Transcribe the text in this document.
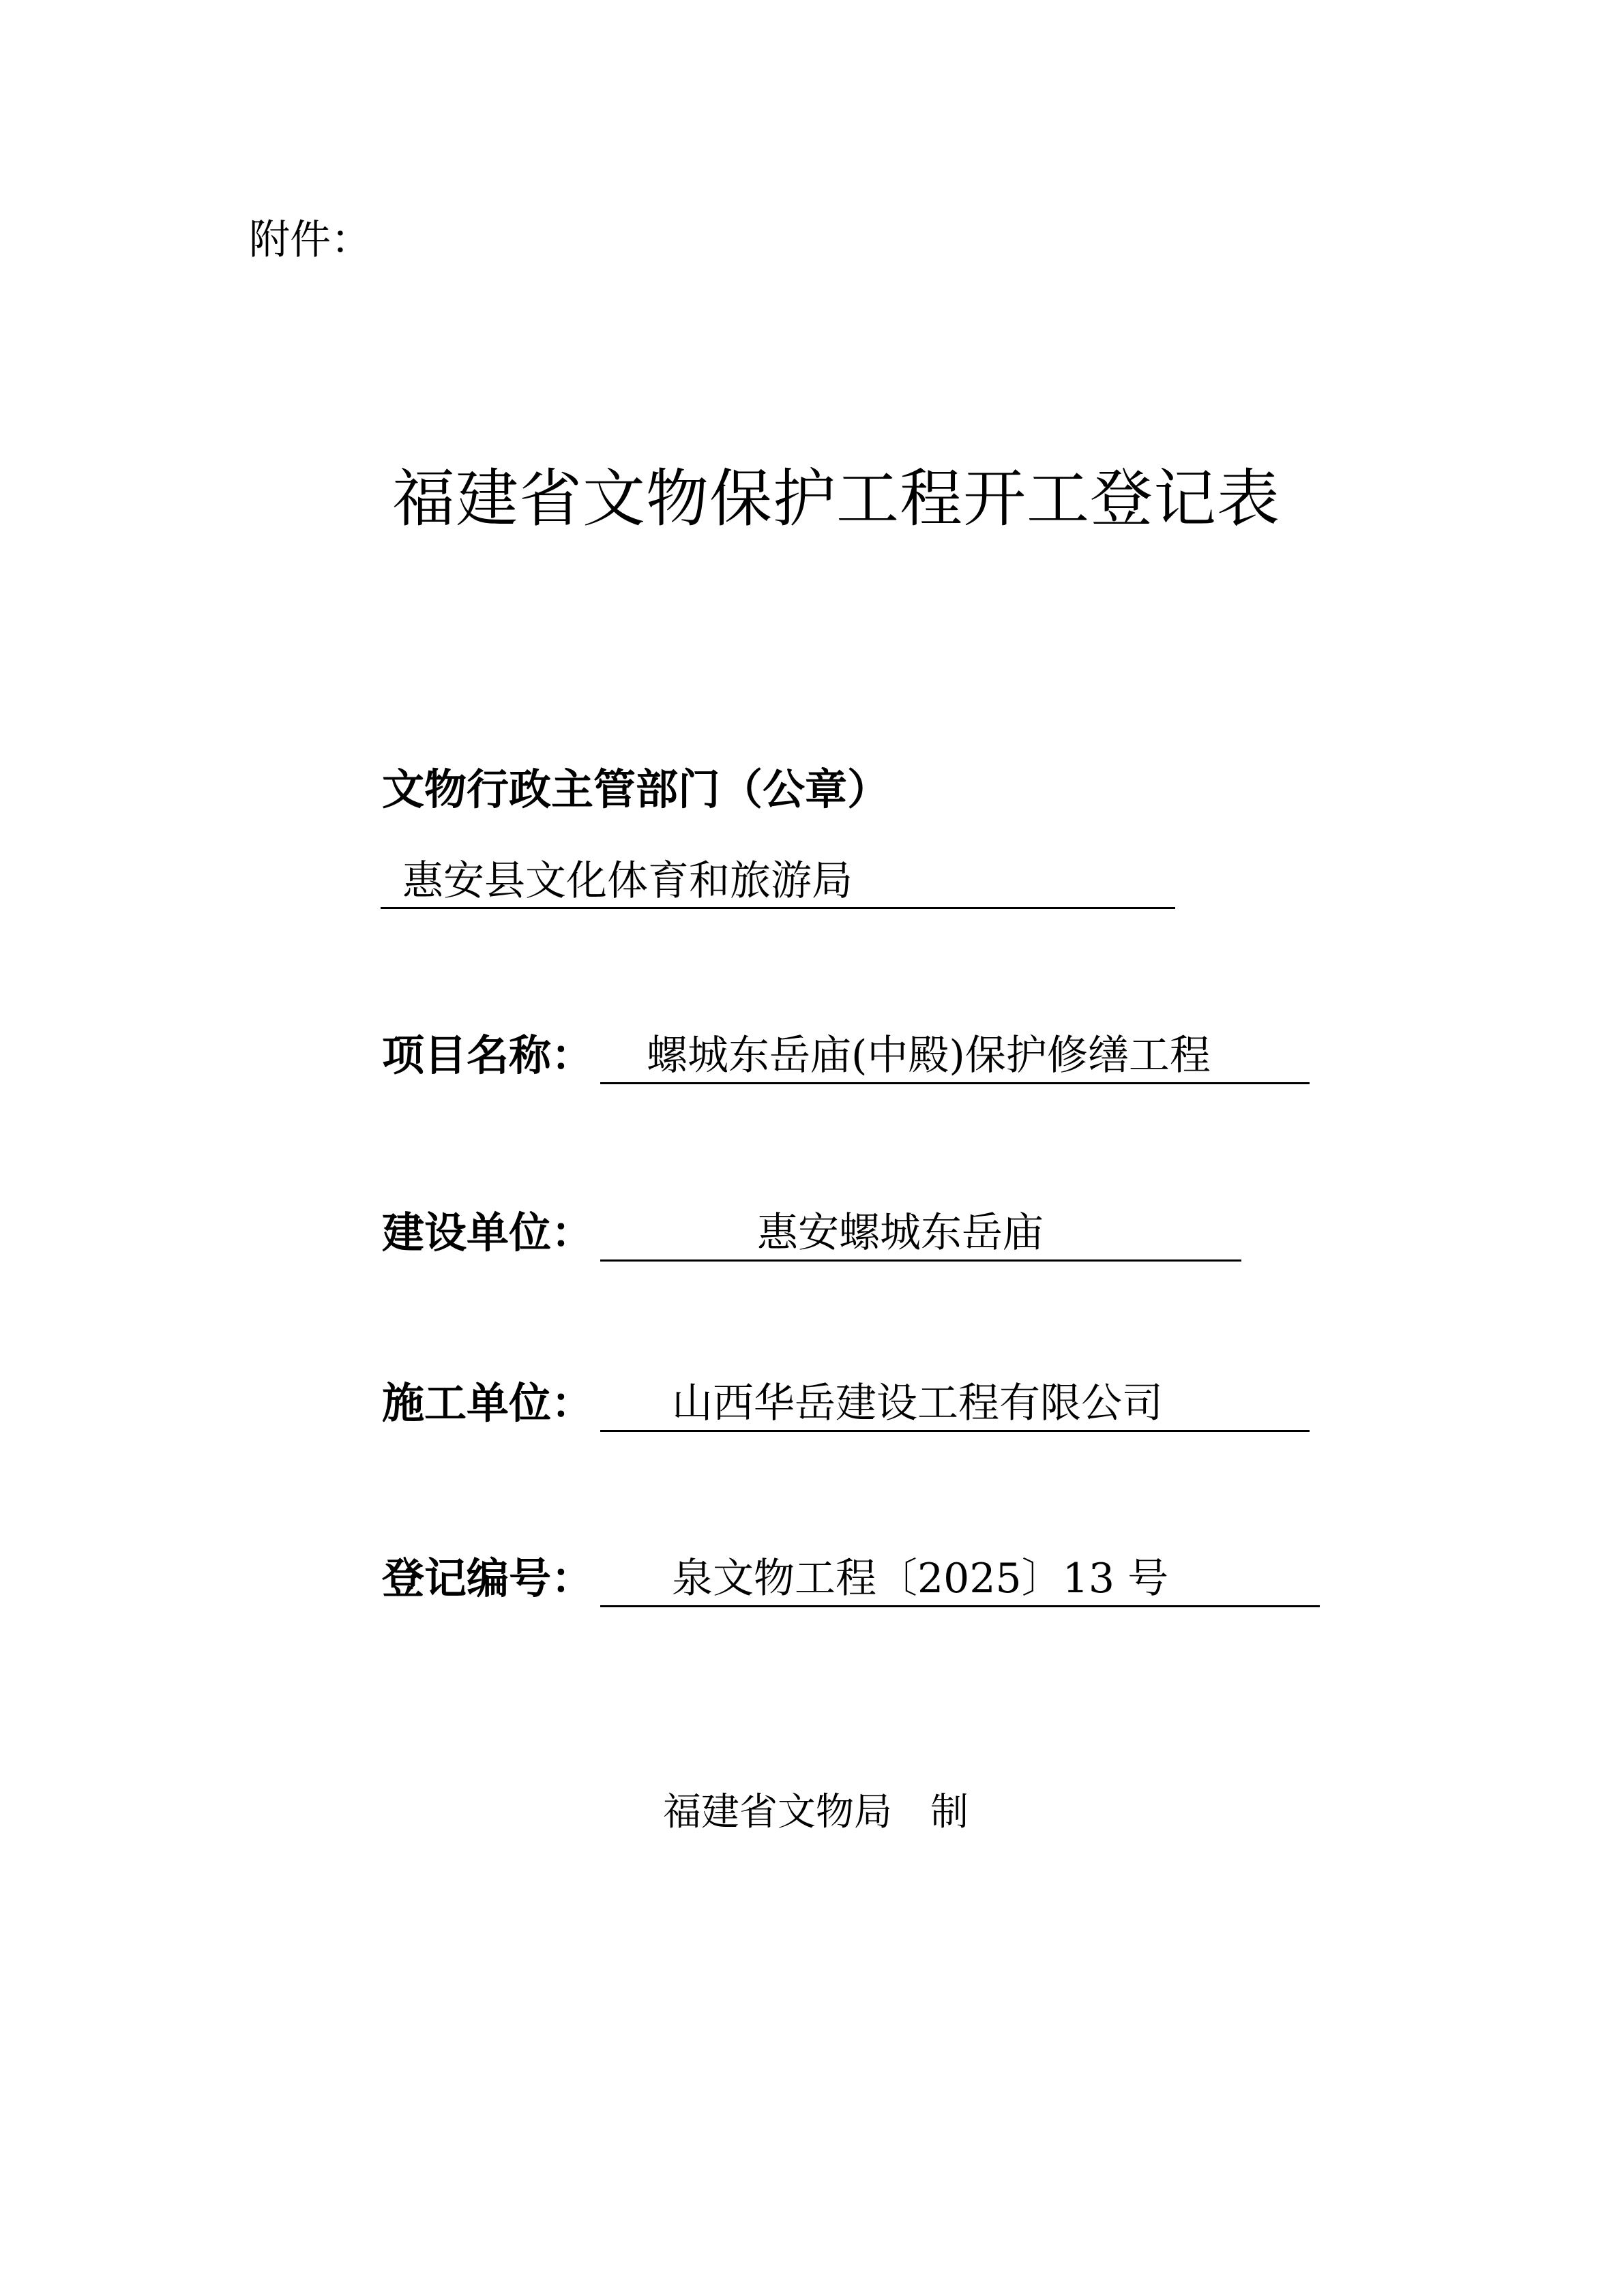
附件：
福建省文物保护工程开工登记表
文物行政主管部门（公章）
惠安县文化体育和旅游局
项目名称： 螺城东岳庙(中殿)保护修缮工程
建设单位：	惠安螺城东岳庙
施工单位： 山西华岳建设工程有限公司
登记编号： 泉文物工程〔2025〕13 号
福建省文物局　制
